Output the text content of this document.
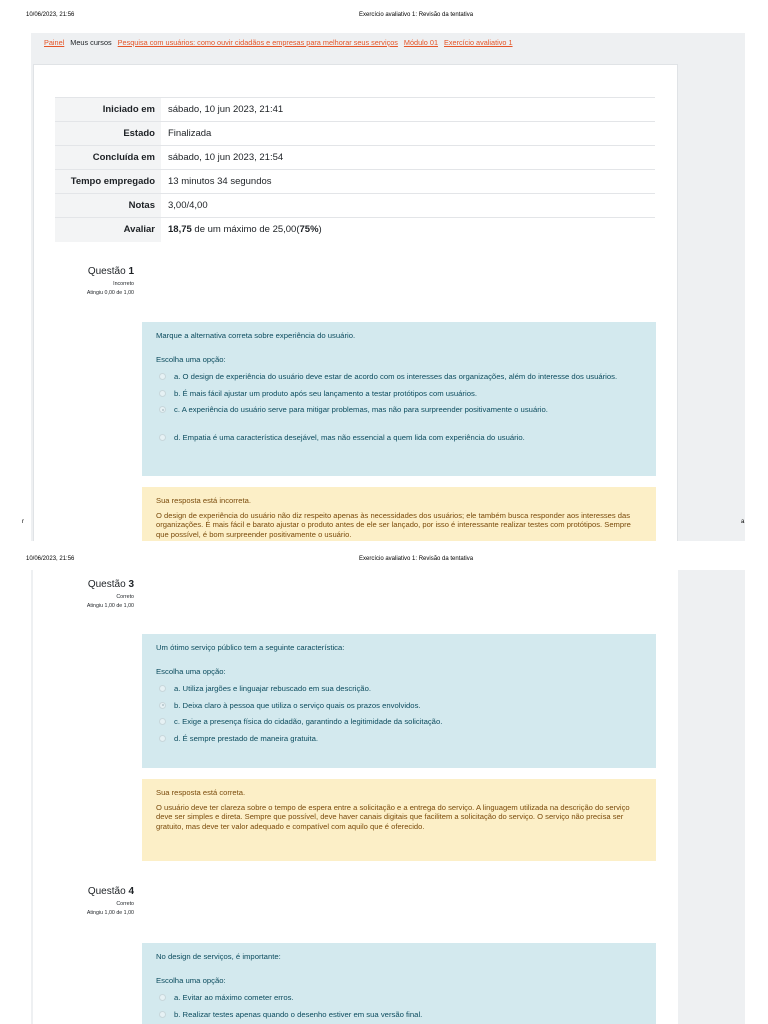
10/06/2023, 21:56	Exercício avaliativo 1: Revisão da tentativa
Painel Meus cursos Pesquisa com usuários: como ouvir cidadãos e empresas para melhorar seus serviços Módulo 01 Exercício avaliativo 1
Iniciado em	sábado, 10 jun 2023, 21:41
Estado	Finalizada
Concluída em	sábado, 10 jun 2023, 21:54
Tempo empregado	13 minutos 34 segundos
Notas	3,00/4,00
Avaliar	18,75 de um máximo de 25,00(75%)
Questão 1
Incorreto
Atingiu 0,00 de 1,00
Marque a alternativa correta sobre experiência do usuário.
Escolha uma opção:
a. O design de experiência do usuário deve estar de acordo com os interesses das organizações, além do interesse dos usuários.
b. É mais fácil ajustar um produto após seu lançamento a testar protótipos com usuários.
c. A experiência do usuário serve para mitigar problemas, mas não para surpreender positivamente o usuário.
d. Empatia é uma característica desejável, mas não essencial a quem lida com experiência do usuário.
Sua resposta está incorreta.
O design de experiência do usuário não diz respeito apenas às necessidades dos usuários; ele também busca responder aos interesses das organizações. É mais fácil e barato ajustar o produto antes de ele ser lançado, por isso é interessante realizar testes com protótipos. Sempre que possível, é bom surpreender positivamente o usuário.
r	a
10/06/2023, 21:56	Exercício avaliativo 1: Revisão da tentativa
Questão 3
Correto
Atingiu 1,00 de 1,00
Um ótimo serviço público tem a seguinte característica:
Escolha uma opção:
a. Utiliza jargões e linguajar rebuscado em sua descrição.
b. Deixa claro à pessoa que utiliza o serviço quais os prazos envolvidos.
c. Exige a presença física do cidadão, garantindo a legitimidade da solicitação.
d. É sempre prestado de maneira gratuita.
Sua resposta está correta.
O usuário deve ter clareza sobre o tempo de espera entre a solicitação e a entrega do serviço. A linguagem utilizada na descrição do serviço deve ser simples e direta. Sempre que possível, deve haver canais digitais que facilitem a solicitação do serviço. O serviço não precisa ser gratuito, mas deve ter valor adequado e compatível com aquilo que é oferecido.
Questão 4
Correto
Atingiu 1,00 de 1,00
No design de serviços, é importante:
Escolha uma opção:
a. Evitar ao máximo cometer erros.
b. Realizar testes apenas quando o desenho estiver em sua versão final.
